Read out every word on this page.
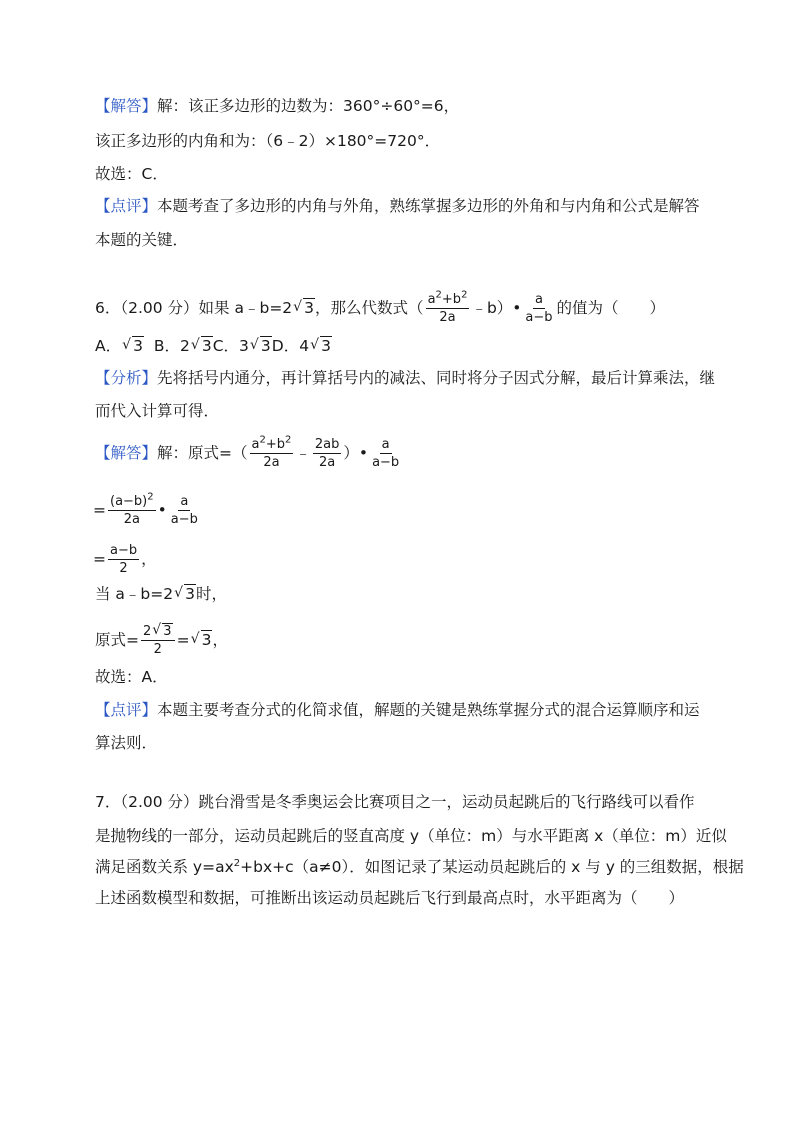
【解答】解：该正多边形的边数为：360°÷60°=6，
该正多边形的内角和为：（6﹣2）×180°=720°．
故选：C．
【点评】本题考查了多边形的内角与外角，熟练掌握多边形的外角和与内角和公式是解答
本题的关键．
6．（2.00 分）如果 a﹣b=2 √ 3，那么代数式（ $\frac{a^2+b^2}{2a}$ ﹣b）• $\frac{a}{a-b}$ 的值为（　　）
A． √ 3 B．2 √ 3C．3 √ 3D．4 √ 3
【分析】先将括号内通分，再计算括号内的减法、同时将分子因式分解，最后计算乘法，继
而代入计算可得．
【解答】解：原式=（ $\frac{a^2+b^2}{2a}$ ﹣ $\frac{2ab}{2a}$ ）• $\frac{a}{a-b}$
= $\frac{(a-b)^2}{2a}$ • $\frac{a}{a-b}$
= $\frac{a-b}{2}$ ，
当 a﹣b=2 √ 3时，
原式= $\frac{2 √ 3}{2}$ = √ 3，
故选：A．
【点评】本题主要考查分式的化简求值，解题的关键是熟练掌握分式的混合运算顺序和运
算法则．
7．（2.00 分）跳台滑雪是冬季奥运会比赛项目之一，运动员起跳后的飞行路线可以看作
是抛物线的一部分，运动员起跳后的竖直高度 y（单位：m）与水平距离 x（单位：m）近似
满足函数关系 $y=ax^2+bx+c(a\ne 0)$．如图记录了某运动员起跳后的 x 与 y 的三组数据，根据
上述函数模型和数据，可推断出该运动员起跳后飞行到最高点时，水平距离为（　　）
